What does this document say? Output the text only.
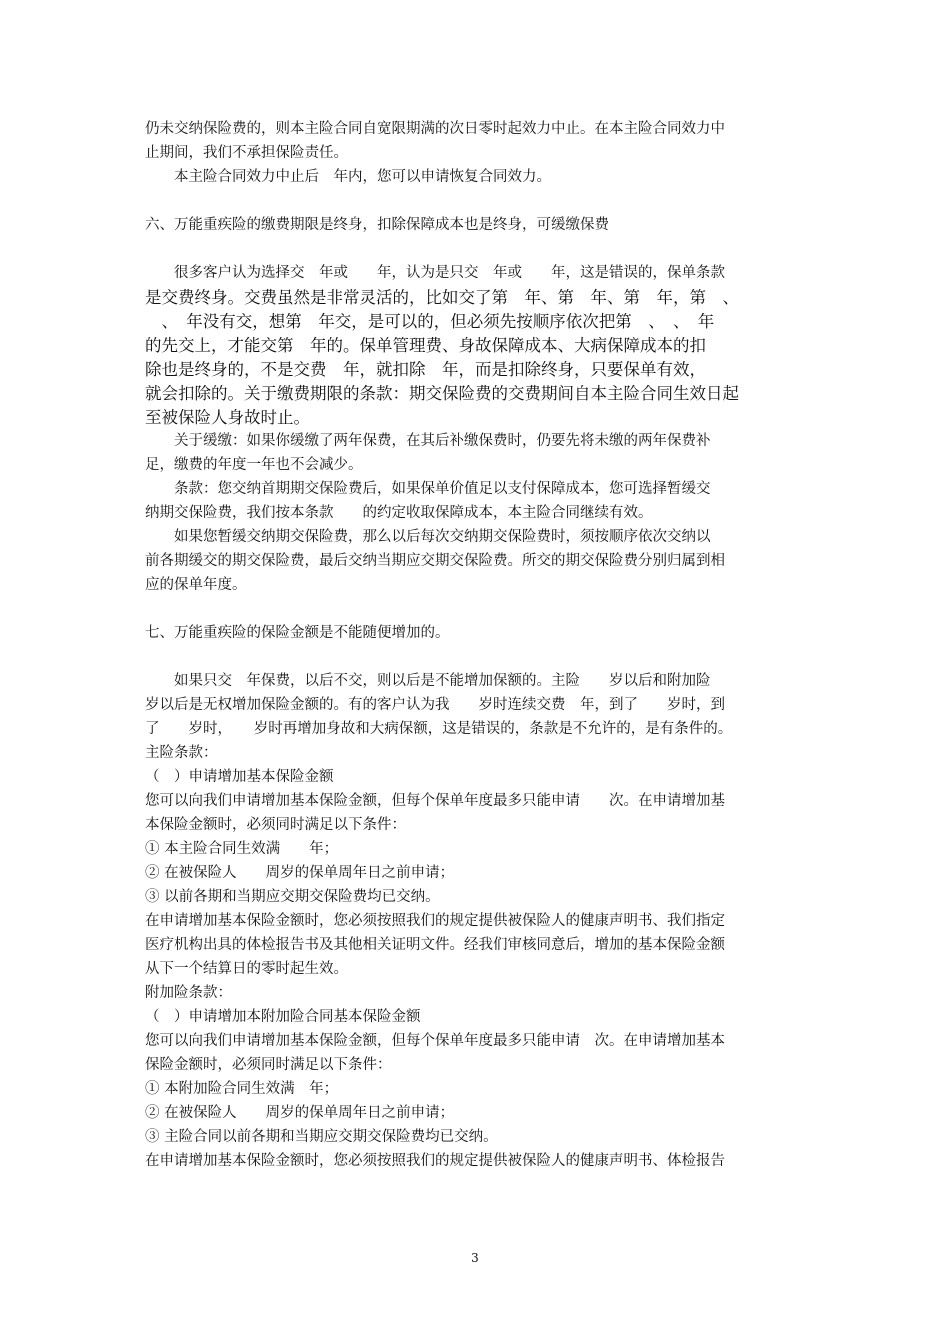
仍未交纳保险费的，则本主险合同自宽限期满的次日零时起效力中止。在本主险合同效力中
止期间，我们不承担保险责任。
　　本主险合同效力中止后　年内，您可以申请恢复合同效力。
六、万能重疾险的缴费期限是终身，扣除保障成本也是终身，可缓缴保费
　　很多客户认为选择交　年或　　年，认为是只交　年或　　年，这是错误的，保单条款
是交费终身。交费虽然是非常灵活的，比如交了第　年、第　年、第　年，第　、
　、　年没有交，想第　年交，是可以的，但必须先按顺序依次把第　、　、　年
的先交上，才能交第　年的。保单管理费、身故保障成本、大病保障成本的扣
除也是终身的，不是交费　年，就扣除　年，而是扣除终身，只要保单有效，
就会扣除的。关于缴费期限的条款：期交保险费的交费期间自本主险合同生效日起
至被保险人身故时止。
　　关于缓缴：如果你缓缴了两年保费，在其后补缴保费时，仍要先将未缴的两年保费补
足，缴费的年度一年也不会减少。
　　条款：您交纳首期期交保险费后，如果保单价值足以支付保障成本，您可选择暂缓交
纳期交保险费，我们按本条款　　的约定收取保障成本，本主险合同继续有效。
　　如果您暂缓交纳期交保险费，那么以后每次交纳期交保险费时，须按顺序依次交纳以
前各期缓交的期交保险费，最后交纳当期应交期交保险费。所交的期交保险费分别归属到相
应的保单年度。
七、万能重疾险的保险金额是不能随便增加的。
　　如果只交　年保费，以后不交，则以后是不能增加保额的。主险　　岁以后和附加险
岁以后是无权增加保险金额的。有的客户认为我　　岁时连续交费　年，到了　　岁时，到
了　　岁时，　　岁时再增加身故和大病保额，这是错误的，条款是不允许的，是有条件的。
主险条款：
（　）申请增加基本保险金额
您可以向我们申请增加基本保险金额，但每个保单年度最多只能申请　　次。在申请增加基
本保险金额时，必须同时满足以下条件：
① 本主险合同生效满　　年；
② 在被保险人　　周岁的保单周年日之前申请；
③ 以前各期和当期应交期交保险费均已交纳。
在申请增加基本保险金额时，您必须按照我们的规定提供被保险人的健康声明书、我们指定
医疗机构出具的体检报告书及其他相关证明文件。经我们审核同意后，增加的基本保险金额
从下一个结算日的零时起生效。
附加险条款：
（　）申请增加本附加险合同基本保险金额
您可以向我们申请增加基本保险金额，但每个保单年度最多只能申请　次。在申请增加基本
保险金额时，必须同时满足以下条件：
① 本附加险合同生效满　年；
② 在被保险人　　周岁的保单周年日之前申请；
③ 主险合同以前各期和当期应交期交保险费均已交纳。
在申请增加基本保险金额时，您必须按照我们的规定提供被保险人的健康声明书、体检报告
3
